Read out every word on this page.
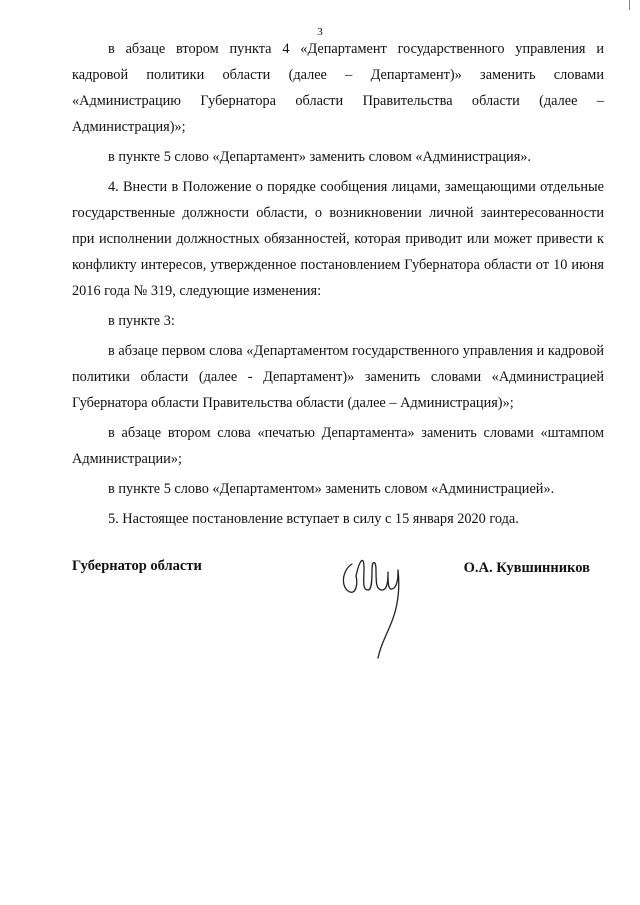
3

в абзаце втором пункта 4 «Департамент государственного управления и кадровой политики области (далее – Департамент)» заменить словами «Администрацию Губернатора области Правительства области (далее – Администрация)»;

в пункте 5 слово «Департамент» заменить словом «Администрация».

4. Внести в Положение о порядке сообщения лицами, замещающими отдельные государственные должности области, о возникновении личной заинтересованности при исполнении должностных обязанностей, которая приводит или может привести к конфликту интересов, утвержденное постановлением Губернатора области от 10 июня 2016 года № 319, следующие изменения:

в пункте 3:

в абзаце первом слова «Департаментом государственного управления и кадровой политики области (далее - Департамент)» заменить словами «Администрацией Губернатора области Правительства области (далее – Администрация)»;

в абзаце втором слова «печатью Департамента» заменить словами «штампом Администрации»;

в пункте 5 слово «Департаментом» заменить словом «Администрацией».

5. Настоящее постановление вступает в силу с 15 января 2020 года.

Губернатор области	О.А. Кувшинников
